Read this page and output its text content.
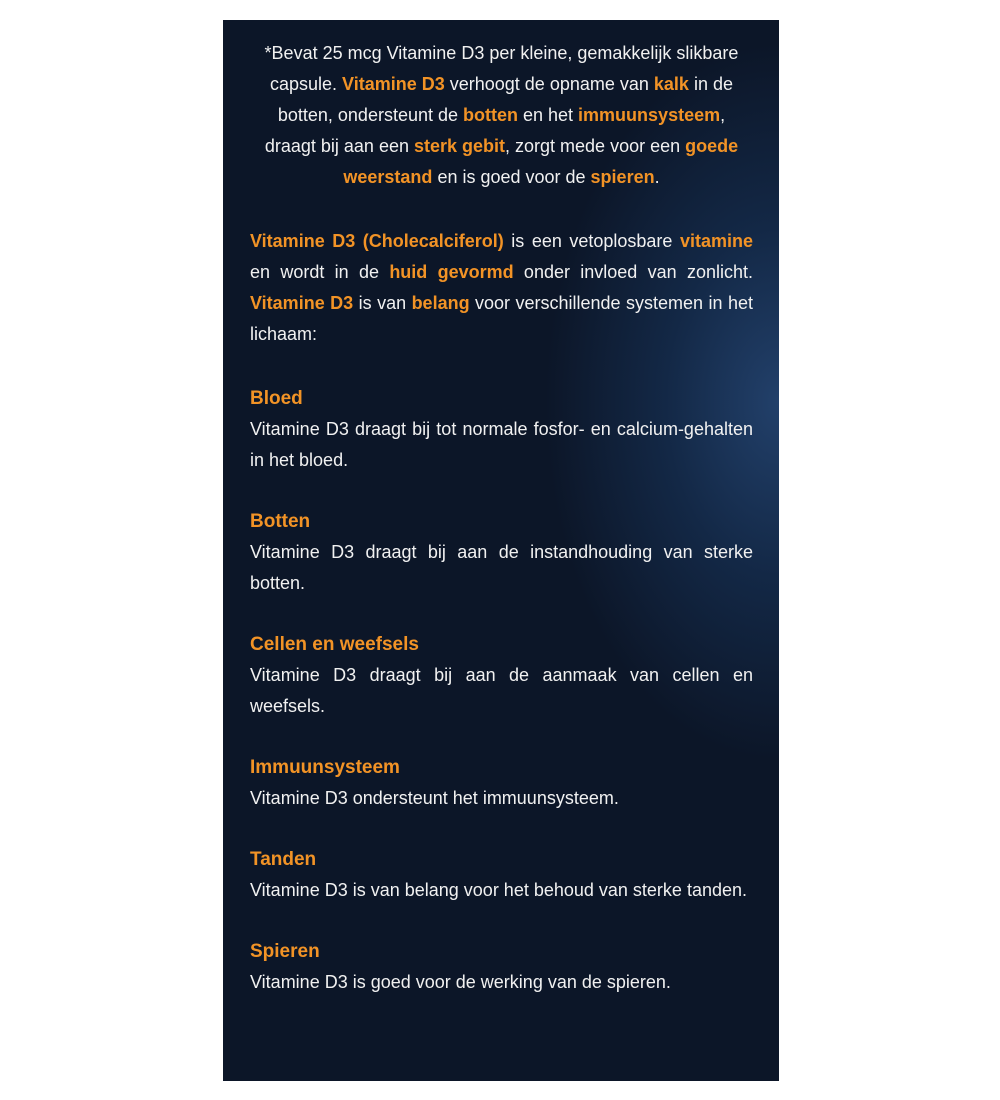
*Bevat 25 mcg Vitamine D3 per kleine, gemakkelijk slikbare capsule. Vitamine D3 verhoogt de opname van kalk in de botten, ondersteunt de botten en het immuunsysteem, draagt bij aan een sterk gebit, zorgt mede voor een goede weerstand en is goed voor de spieren.
Vitamine D3 (Cholecalciferol) is een vetoplosbare vitamine en wordt in de huid gevormd onder invloed van zonlicht. Vitamine D3 is van belang voor verschillende systemen in het lichaam:
Bloed
Vitamine D3 draagt bij tot normale fosfor- en calcium-gehalten in het bloed.
Botten
Vitamine D3 draagt bij aan de instandhouding van sterke botten.
Cellen en weefsels
Vitamine D3 draagt bij aan de aanmaak van cellen en weefsels.
Immuunsysteem
Vitamine D3 ondersteunt het immuunsysteem.
Tanden
Vitamine D3 is van belang voor het behoud van sterke tanden.
Spieren
Vitamine D3 is goed voor de werking van de spieren.
